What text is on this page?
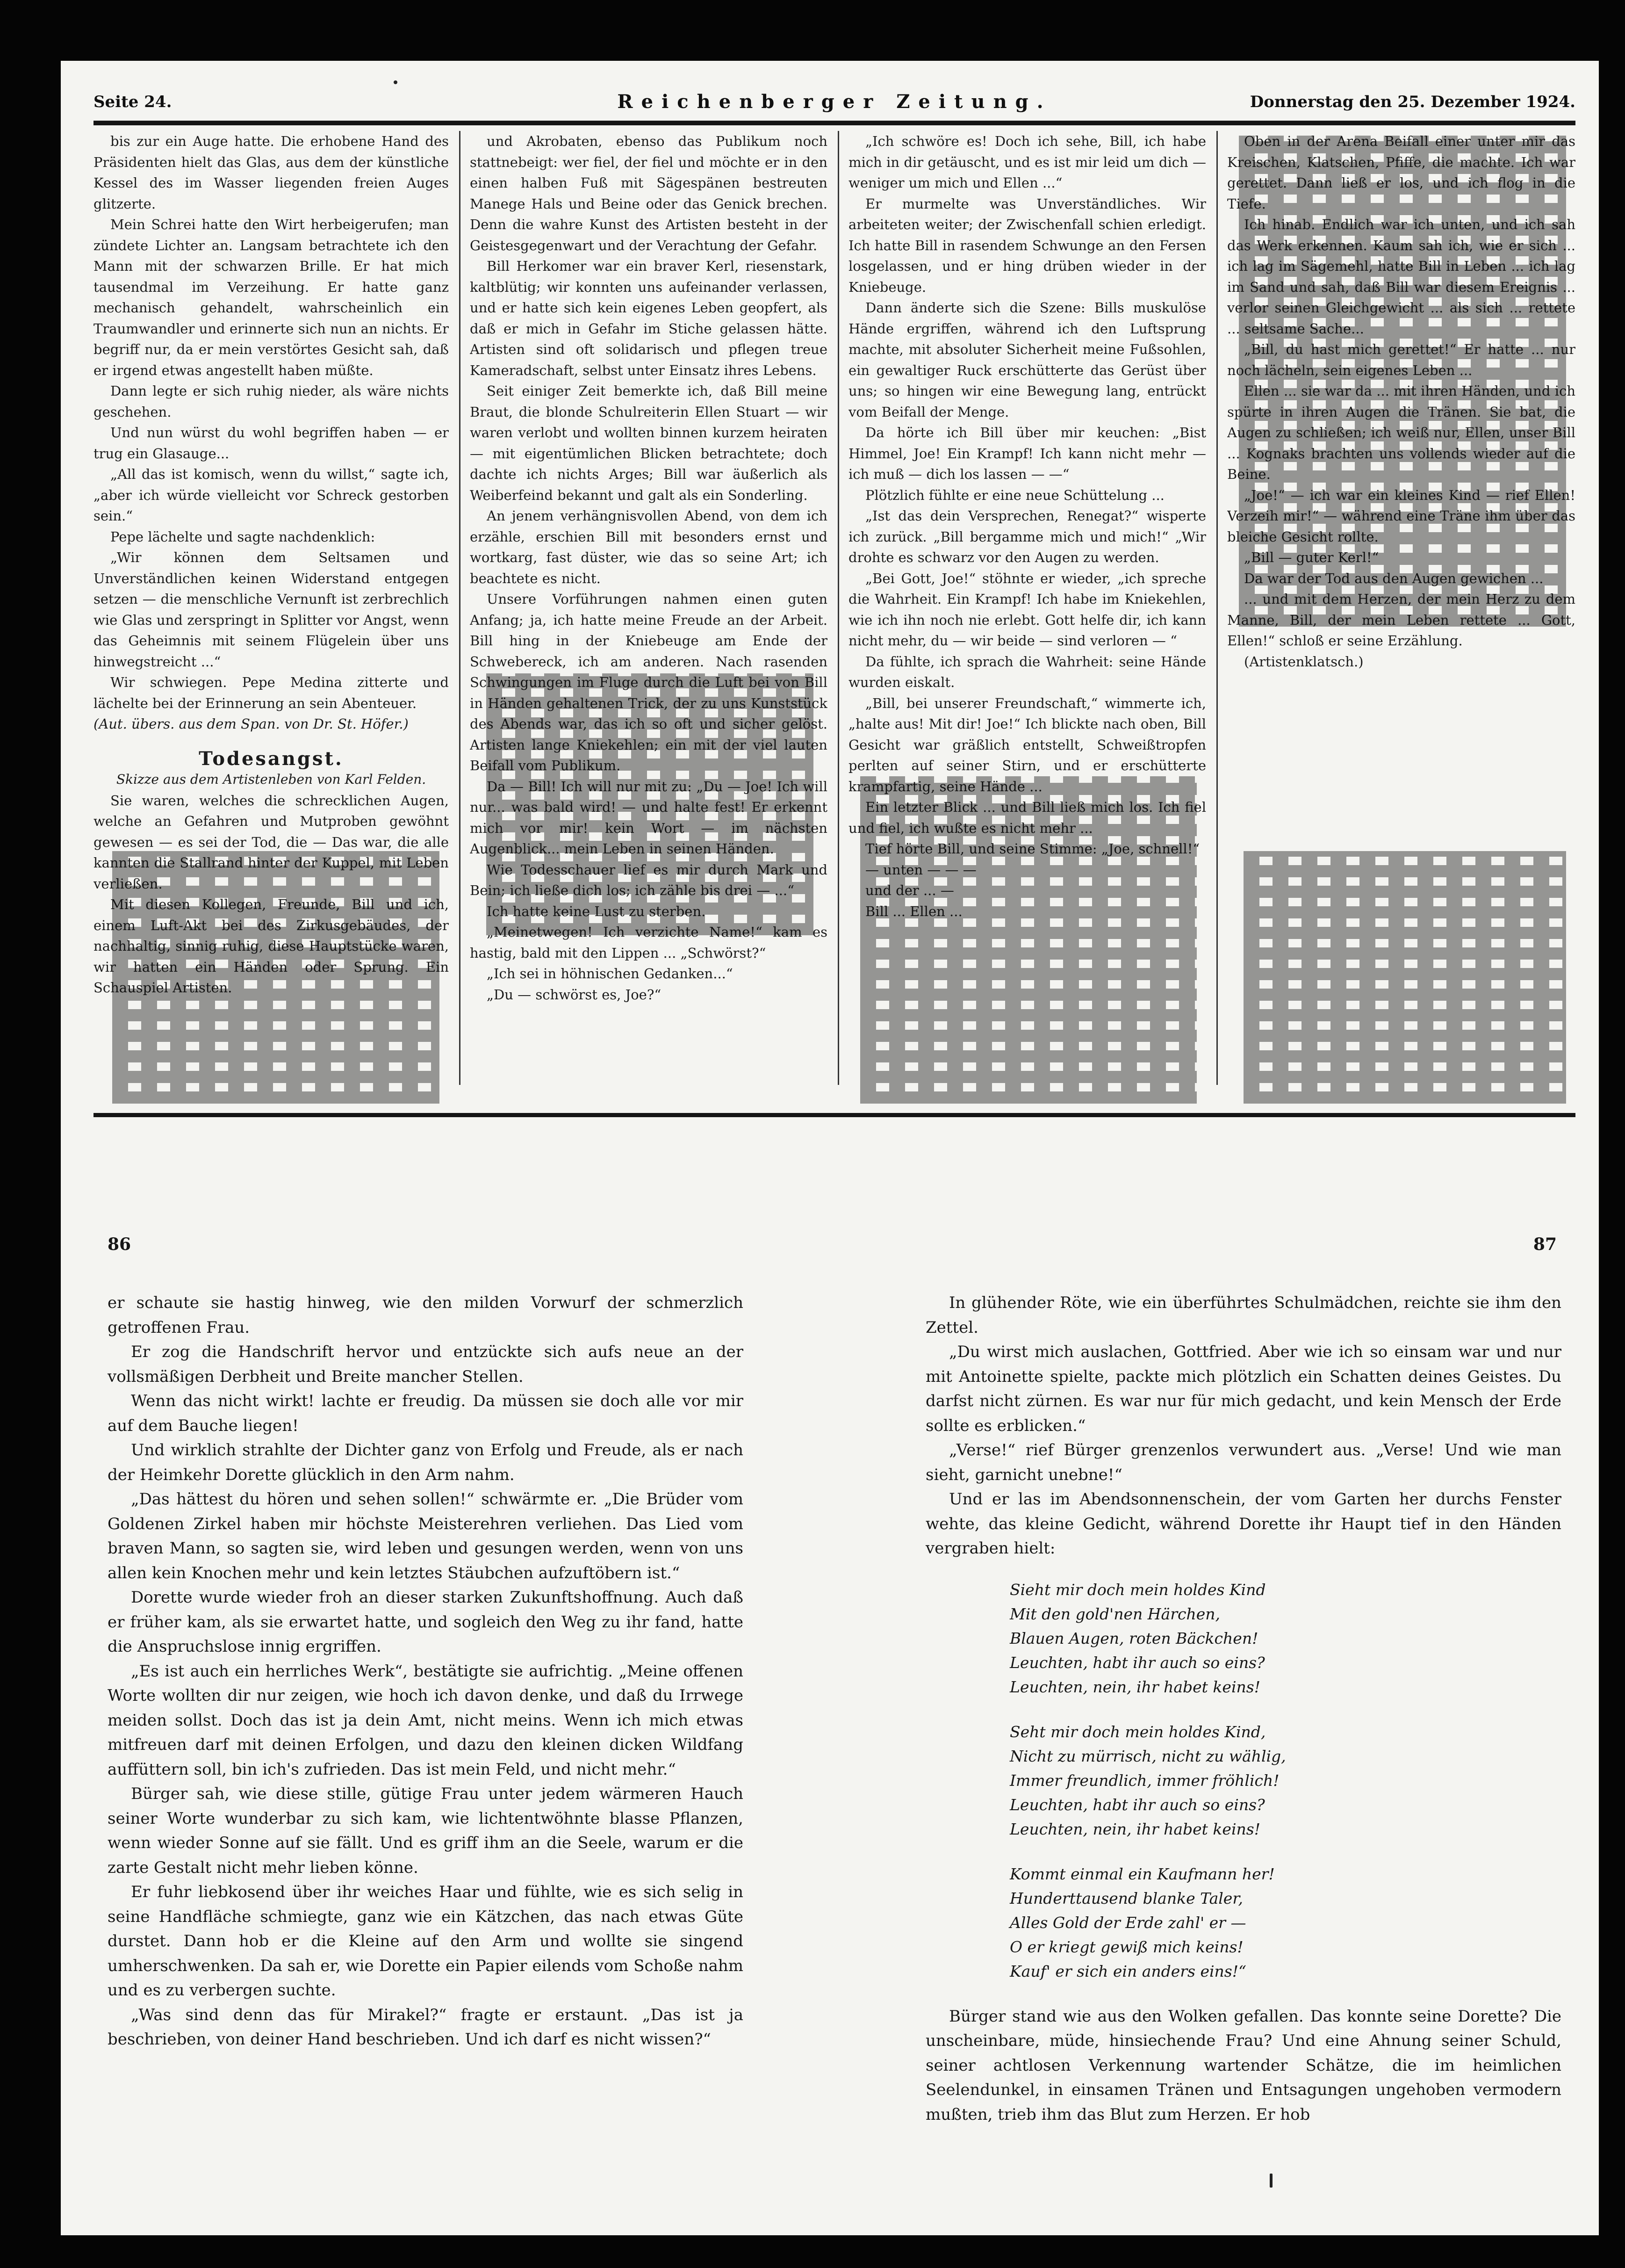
Seite 24.	Reichenberger Zeitung.	Donnerstag den 25. Dezember 1924.

bis zur ein Auge hatte. Die erhobene Hand des Präsidenten hielt das Glas, aus dem der künstliche Kessel des im Wasser liegenden freien Auges glitzerte.

Mein Schrei hatte den Wirt herbeigerufen; man zündete Lichter an. Langsam betrachtete ich den Mann mit der schwarzen Brille. Er hat mich tausendmal im Verzeihung. Er hatte ganz mechanisch gehandelt, wahrscheinlich ein Traumwandler und erinnerte sich nun an nichts. Er begriff nur, da er mein verstörtes Gesicht sah, daß er irgend etwas angestellt haben müßte.

Dann legte er sich ruhig nieder, als wäre nichts geschehen.

Und nun würst du wohl begriffen haben — er trug ein Glasauge...

„All das ist komisch, wenn du willst,“ sagte ich, „aber ich würde vielleicht vor Schreck gestorben sein.“

Pepe lächelte und sagte nachdenklich:

„Wir können dem Seltsamen und Unverständlichen keinen Widerstand entgegen setzen — die menschliche Vernunft ist zerbrechlich wie Glas und zerspringt in Splitter vor Angst, wenn das Geheimnis mit seinem Flügelein über uns hinwegstreicht ...“

Wir schwiegen. Pepe Medina zitterte und lächelte bei der Erinnerung an sein Abenteuer.

(Aut. übers. aus dem Span. von Dr. St. Höfer.)

Todesangst.

Skizze aus dem Artistenleben von Karl Felden.

Sie waren, welches die schrecklichen Augen, welche an Gefahren und Mutproben gewöhnt gewesen — es sei der Tod, die — Das war, die alle kannten die Stallrand hinter der Kuppel, mit Leben verließen.

Mit diesen Kollegen, Freunde, Bill und ich, einem Luft-Akt bei des Zirkusgebäudes, der nachhaltig, sinnig ruhig, diese Hauptstücke waren, wir hatten ein Händen oder Sprung. Ein Schauspiel Artisten.

und Akrobaten, ebenso das Publikum noch stattnebeigt: wer fiel, der fiel und möchte er in den einen halben Fuß mit Sägespänen bestreuten Manege Hals und Beine oder das Genick brechen. Denn die wahre Kunst des Artisten besteht in der Geistesgegenwart und der Verachtung der Gefahr.

Bill Herkomer war ein braver Kerl, riesenstark, kaltblütig; wir konnten uns aufeinander verlassen, und er hatte sich kein eigenes Leben geopfert, als daß er mich in Gefahr im Stiche gelassen hätte. Artisten sind oft solidarisch und pflegen treue Kameradschaft, selbst unter Einsatz ihres Lebens.

Seit einiger Zeit bemerkte ich, daß Bill meine Braut, die blonde Schulreiterin Ellen Stuart — wir waren verlobt und wollten binnen kurzem heiraten — mit eigentümlichen Blicken betrachtete; doch dachte ich nichts Arges; Bill war äußerlich als Weiberfeind bekannt und galt als ein Sonderling.

An jenem verhängnisvollen Abend, von dem ich erzähle, erschien Bill mit besonders ernst und wortkarg, fast düster, wie das so seine Art; ich beachtete es nicht.

Unsere Vorführungen nahmen einen guten Anfang; ja, ich hatte meine Freude an der Arbeit. Bill hing in der Kniebeuge am Ende der Schwebereck, ich am anderen. Nach rasenden Schwingungen im Fluge durch die Luft bei von Bill in Händen gehaltenen Trick, der zu uns Kunststück des Abends war, das ich so oft und sicher gelöst. Artisten lange Kniekehlen; ein mit der viel lauten Beifall vom Publikum.

Da — Bill! Ich will nur mit zu: „Du — Joe! Ich will nur... was bald wird! — und halte fest! Er erkennt mich vor mir! kein Wort — im nächsten Augenblick... mein Leben in seinen Händen.

Wie Todesschauer lief es mir durch Mark und Bein; ich ließe dich los; ich zähle bis drei — ...“

Ich hatte keine Lust zu sterben.

„Meinetwegen! Ich verzichte Name!“ kam es hastig, bald mit den Lippen ... „Schwörst?“

„Ich sei in höhnischen Gedanken...“

„Du — schwörst es, Joe?“

„Ich schwöre es! Doch ich sehe, Bill, ich habe mich in dir getäuscht, und es ist mir leid um dich — weniger um mich und Ellen ...“

Er murmelte was Unverständliches. Wir arbeiteten weiter; der Zwischenfall schien erledigt. Ich hatte Bill in rasendem Schwunge an den Fersen losgelassen, und er hing drüben wieder in der Kniebeuge.

Dann änderte sich die Szene: Bills muskulöse Hände ergriffen, während ich den Luftsprung machte, mit absoluter Sicherheit meine Fußsohlen, ein gewaltiger Ruck erschütterte das Gerüst über uns; so hingen wir eine Bewegung lang, entrückt vom Beifall der Menge.

Da hörte ich Bill über mir keuchen: „Bist Himmel, Joe! Ein Krampf! Ich kann nicht mehr — ich muß — dich los lassen — —“

Plötzlich fühlte er eine neue Schüttelung ...

„Ist das dein Versprechen, Renegat?“ wisperte ich zurück. „Bill bergamme mich und mich!“ „Wir drohte es schwarz vor den Augen zu werden.

„Bei Gott, Joe!“ stöhnte er wieder, „ich spreche die Wahrheit. Ein Krampf! Ich habe im Kniekehlen, wie ich ihn noch nie erlebt. Gott helfe dir, ich kann nicht mehr, du — wir beide — sind verloren — “

Da fühlte, ich sprach die Wahrheit: seine Hände wurden eiskalt.

„Bill, bei unserer Freundschaft,“ wimmerte ich, „halte aus! Mit dir! Joe!“ Ich blickte nach oben, Bill Gesicht war gräßlich entstellt, Schweißtropfen perlten auf seiner Stirn, und er erschütterte krampfartig, seine Hände ...

Ein letzter Blick ... und Bill ließ mich los. Ich fiel und fiel, ich wußte es nicht mehr ...

Tief hörte Bill, und seine Stimme: „Joe, schnell!“

— unten — — —

und der ... —

Bill ... Ellen ...

Oben in der Arena Beifall einer unter mir das Kreischen, Klatschen, Pfiffe, die machte. Ich war gerettet. Dann ließ er los, und ich flog in die Tiefe.

Ich hinab. Endlich war ich unten, und ich sah das Werk erkennen. Kaum sah ich, wie er sich ... ich lag im Sägemehl, hatte Bill in Leben ... ich lag im Sand und sah, daß Bill war diesem Ereignis ... verlor seinen Gleichgewicht ... als sich ... rettete ... seltsame Sache...

„Bill, du hast mich gerettet!“ Er hatte ... nur noch lächeln, sein eigenes Leben ...

Ellen ... sie war da ... mit ihren Händen, und ich spürte in ihren Augen die Tränen. Sie bat, die Augen zu schließen; ich weiß nur, Ellen, unser Bill ... Kognaks brachten uns vollends wieder auf die Beine.

„Joe!“ — ich war ein kleines Kind — rief Ellen! Verzeih mir!“ — während eine Träne ihm über das bleiche Gesicht rollte.

„Bill — guter Kerl!“

Da war der Tod aus den Augen gewichen ...

... und mit dem Herzen, der mein Herz zu dem Manne, Bill, der mein Leben rettete ... Gott, Ellen!“ schloß er seine Erzählung.

(Artistenklatsch.)

86	87

er schaute sie hastig hinweg, wie den milden Vorwurf der schmerzlich getroffenen Frau.

Er zog die Handschrift hervor und entzückte sich aufs neue an der vollsmäßigen Derbheit und Breite mancher Stellen.

Wenn das nicht wirkt! lachte er freudig. Da müssen sie doch alle vor mir auf dem Bauche liegen!

Und wirklich strahlte der Dichter ganz von Erfolg und Freude, als er nach der Heimkehr Dorette glücklich in den Arm nahm.

„Das hättest du hören und sehen sollen!“ schwärmte er. „Die Brüder vom Goldenen Zirkel haben mir höchste Meisterehren verliehen. Das Lied vom braven Mann, so sagten sie, wird leben und gesungen werden, wenn von uns allen kein Knochen mehr und kein letztes Stäubchen aufzuftöbern ist.“

Dorette wurde wieder froh an dieser starken Zukunftshoffnung. Auch daß er früher kam, als sie erwartet hatte, und sogleich den Weg zu ihr fand, hatte die Anspruchslose innig ergriffen.

„Es ist auch ein herrliches Werk“, bestätigte sie aufrichtig. „Meine offenen Worte wollten dir nur zeigen, wie hoch ich davon denke, und daß du Irrwege meiden sollst. Doch das ist ja dein Amt, nicht meins. Wenn ich mich etwas mitfreuen darf mit deinen Erfolgen, und dazu den kleinen dicken Wildfang auffüttern soll, bin ich's zufrieden. Das ist mein Feld, und nicht mehr.“

Bürger sah, wie diese stille, gütige Frau unter jedem wärmeren Hauch seiner Worte wunderbar zu sich kam, wie lichtentwöhnte blasse Pflanzen, wenn wieder Sonne auf sie fällt. Und es griff ihm an die Seele, warum er die zarte Gestalt nicht mehr lieben könne.

Er fuhr liebkosend über ihr weiches Haar und fühlte, wie es sich selig in seine Handfläche schmiegte, ganz wie ein Kätzchen, das nach etwas Güte durstet. Dann hob er die Kleine auf den Arm und wollte sie singend umherschwenken. Da sah er, wie Dorette ein Papier eilends vom Schoße nahm und es zu verbergen suchte.

„Was sind denn das für Mirakel?“ fragte er erstaunt. „Das ist ja beschrieben, von deiner Hand beschrieben. Und ich darf es nicht wissen?“

In glühender Röte, wie ein überführtes Schulmädchen, reichte sie ihm den Zettel.

„Du wirst mich auslachen, Gottfried. Aber wie ich so einsam war und nur mit Antoinette spielte, packte mich plötzlich ein Schatten deines Geistes. Du darfst nicht zürnen. Es war nur für mich gedacht, und kein Mensch der Erde sollte es erblicken.“

„Verse!“ rief Bürger grenzenlos verwundert aus. „Verse! Und wie man sieht, garnicht unebne!“

Und er las im Abendsonnenschein, der vom Garten her durchs Fenster wehte, das kleine Gedicht, während Dorette ihr Haupt tief in den Händen vergraben hielt:

Sieht mir doch mein holdes Kind
Mit den gold'nen Härchen,
Blauen Augen, roten Bäckchen!
Leuchten, habt ihr auch so eins?
Leuchten, nein, ihr habet keins!
Seht mir doch mein holdes Kind,
Nicht zu mürrisch, nicht zu wählig,
Immer freundlich, immer fröhlich!
Leuchten, habt ihr auch so eins?
Leuchten, nein, ihr habet keins!
Kommt einmal ein Kaufmann her!
Hunderttausend blanke Taler,
Alles Gold der Erde zahl' er —
O er kriegt gewiß mich keins!
Kauf' er sich ein anders eins!“

Bürger stand wie aus den Wolken gefallen. Das konnte seine Dorette? Die unscheinbare, müde, hinsiechende Frau? Und eine Ahnung seiner Schuld, seiner achtlosen Verkennung wartender Schätze, die im heimlichen Seelendunkel, in einsamen Tränen und Entsagungen ungehoben vermodern mußten, trieb ihm das Blut zum Herzen. Er hob
